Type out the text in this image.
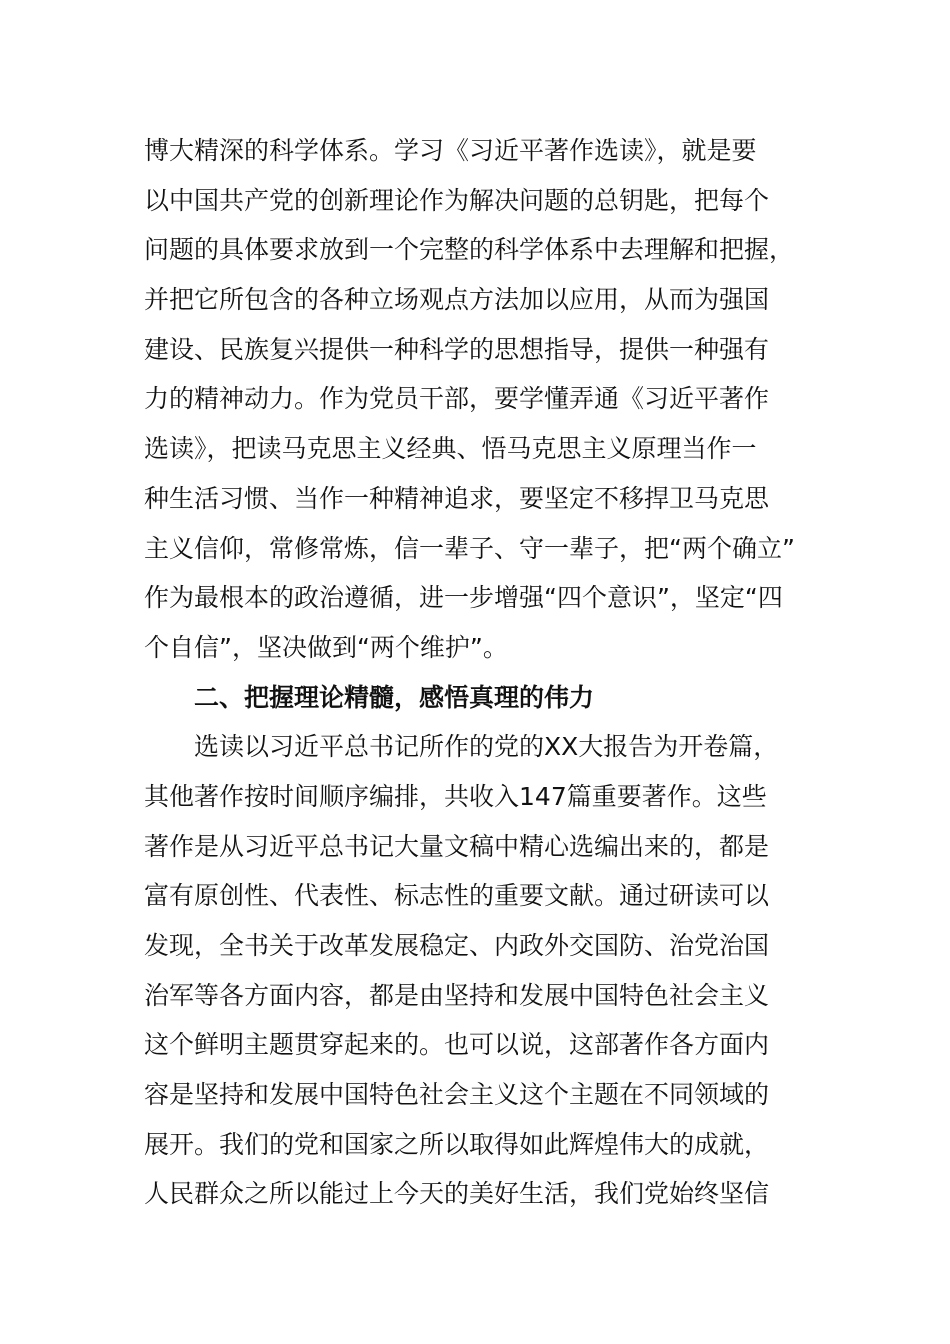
博大精深的科学体系。学习《习近平著作选读》，就是要
以中国共产党的创新理论作为解决问题的总钥匙，把每个
问题的具体要求放到一个完整的科学体系中去理解和把握，
并把它所包含的各种立场观点方法加以应用，从而为强国
建设、民族复兴提供一种科学的思想指导，提供一种强有
力的精神动力。作为党员干部，要学懂弄通《习近平著作
选读》，把读马克思主义经典、悟马克思主义原理当作一
种生活习惯、当作一种精神追求，要坚定不移捍卫马克思
主义信仰，常修常炼，信一辈子、守一辈子，把“两个确立”
作为最根本的政治遵循，进一步增强“四个意识”，坚定“四
个自信”，坚决做到“两个维护”。
二、把握理论精髓，感悟真理的伟力
选读以习近平总书记所作的党的XX大报告为开卷篇，
其他著作按时间顺序编排，共收入147篇重要著作。这些
著作是从习近平总书记大量文稿中精心选编出来的，都是
富有原创性、代表性、标志性的重要文献。通过研读可以
发现，全书关于改革发展稳定、内政外交国防、治党治国
治军等各方面内容，都是由坚持和发展中国特色社会主义
这个鲜明主题贯穿起来的。也可以说，这部著作各方面内
容是坚持和发展中国特色社会主义这个主题在不同领域的
展开。我们的党和国家之所以取得如此辉煌伟大的成就，
人民群众之所以能过上今天的美好生活，我们党始终坚信
